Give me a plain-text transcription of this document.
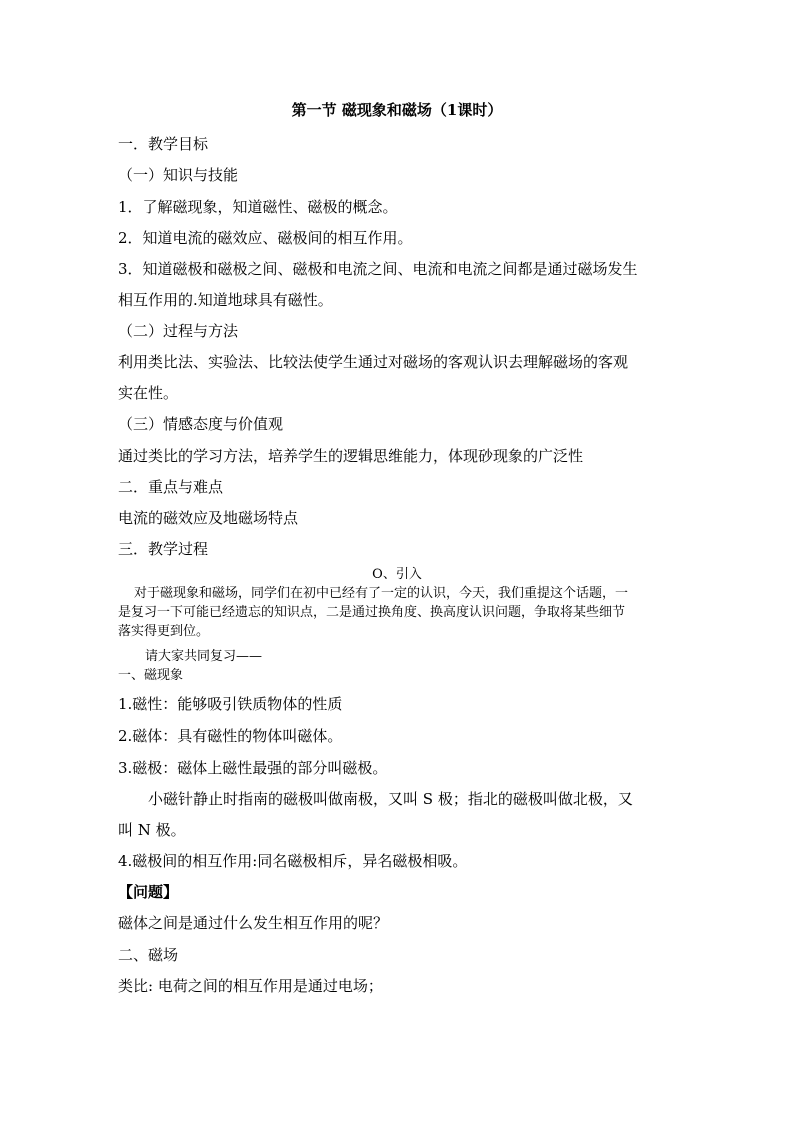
第一节 磁现象和磁场（1课时）
一．教学目标
（一）知识与技能
1．了解磁现象，知道磁性、磁极的概念。
2．知道电流的磁效应、磁极间的相互作用。
3．知道磁极和磁极之间、磁极和电流之间、电流和电流之间都是通过磁场发生
相互作用的.知道地球具有磁性。
（二）过程与方法
利用类比法、实验法、比较法使学生通过对磁场的客观认识去理解磁场的客观
实在性。
（三）情感态度与价值观
通过类比的学习方法，培养学生的逻辑思维能力，体现砂现象的广泛性
二．重点与难点
电流的磁效应及地磁场特点
三．教学过程
O、引入
对于磁现象和磁场，同学们在初中已经有了一定的认识，今天，我们重提这个话题，一
是复习一下可能已经遗忘的知识点，二是通过换角度、换高度认识问题，争取将某些细节
落实得更到位。
请大家共同复习——
一、磁现象
1.磁性：能够吸引铁质物体的性质
2.磁体：具有磁性的物体叫磁体。
3.磁极：磁体上磁性最强的部分叫磁极。
小磁针静止时指南的磁极叫做南极，又叫 S 极；指北的磁极叫做北极，又
叫 N 极。
4.磁极间的相互作用:同名磁极相斥，异名磁极相吸。
【问题】
磁体之间是通过什么发生相互作用的呢？
二、磁场
类比: 电荷之间的相互作用是通过电场；
